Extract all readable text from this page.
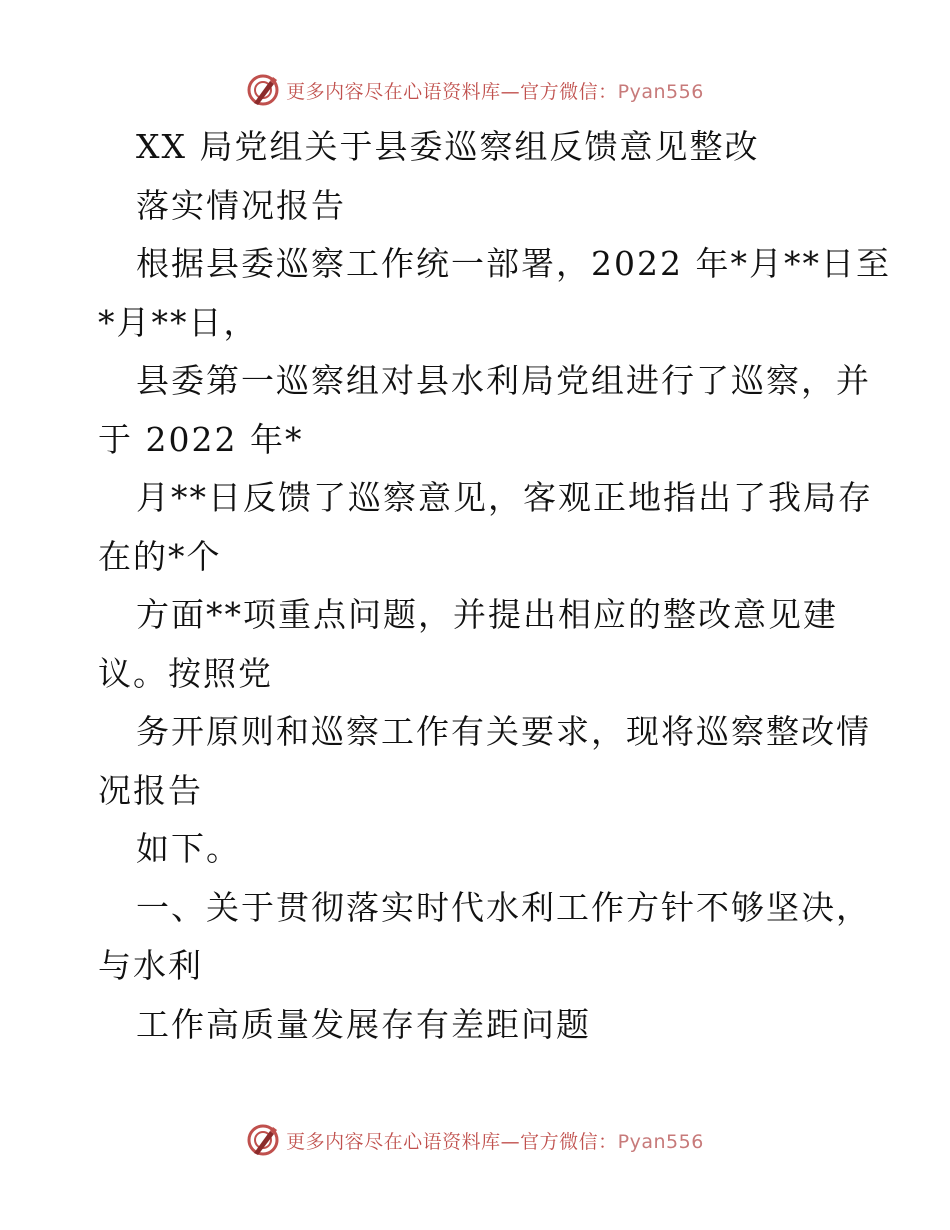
更多内容尽在心语资料库—官方微信：Pyan556
XX 局党组关于县委巡察组反馈意见整改
落实情况报告
根据县委巡察工作统一部署，2022 年*月**日至
*月**日，
县委第一巡察组对县水利局党组进行了巡察，并
于 2022 年*
月**日反馈了巡察意见，客观正地指出了我局存
在的*个
方面**项重点问题，并提出相应的整改意见建
议。按照党
务开原则和巡察工作有关要求，现将巡察整改情
况报告
如下。
一、关于贯彻落实时代水利工作方针不够坚决，
与水利
工作高质量发展存有差距问题
更多内容尽在心语资料库—官方微信：Pyan556
